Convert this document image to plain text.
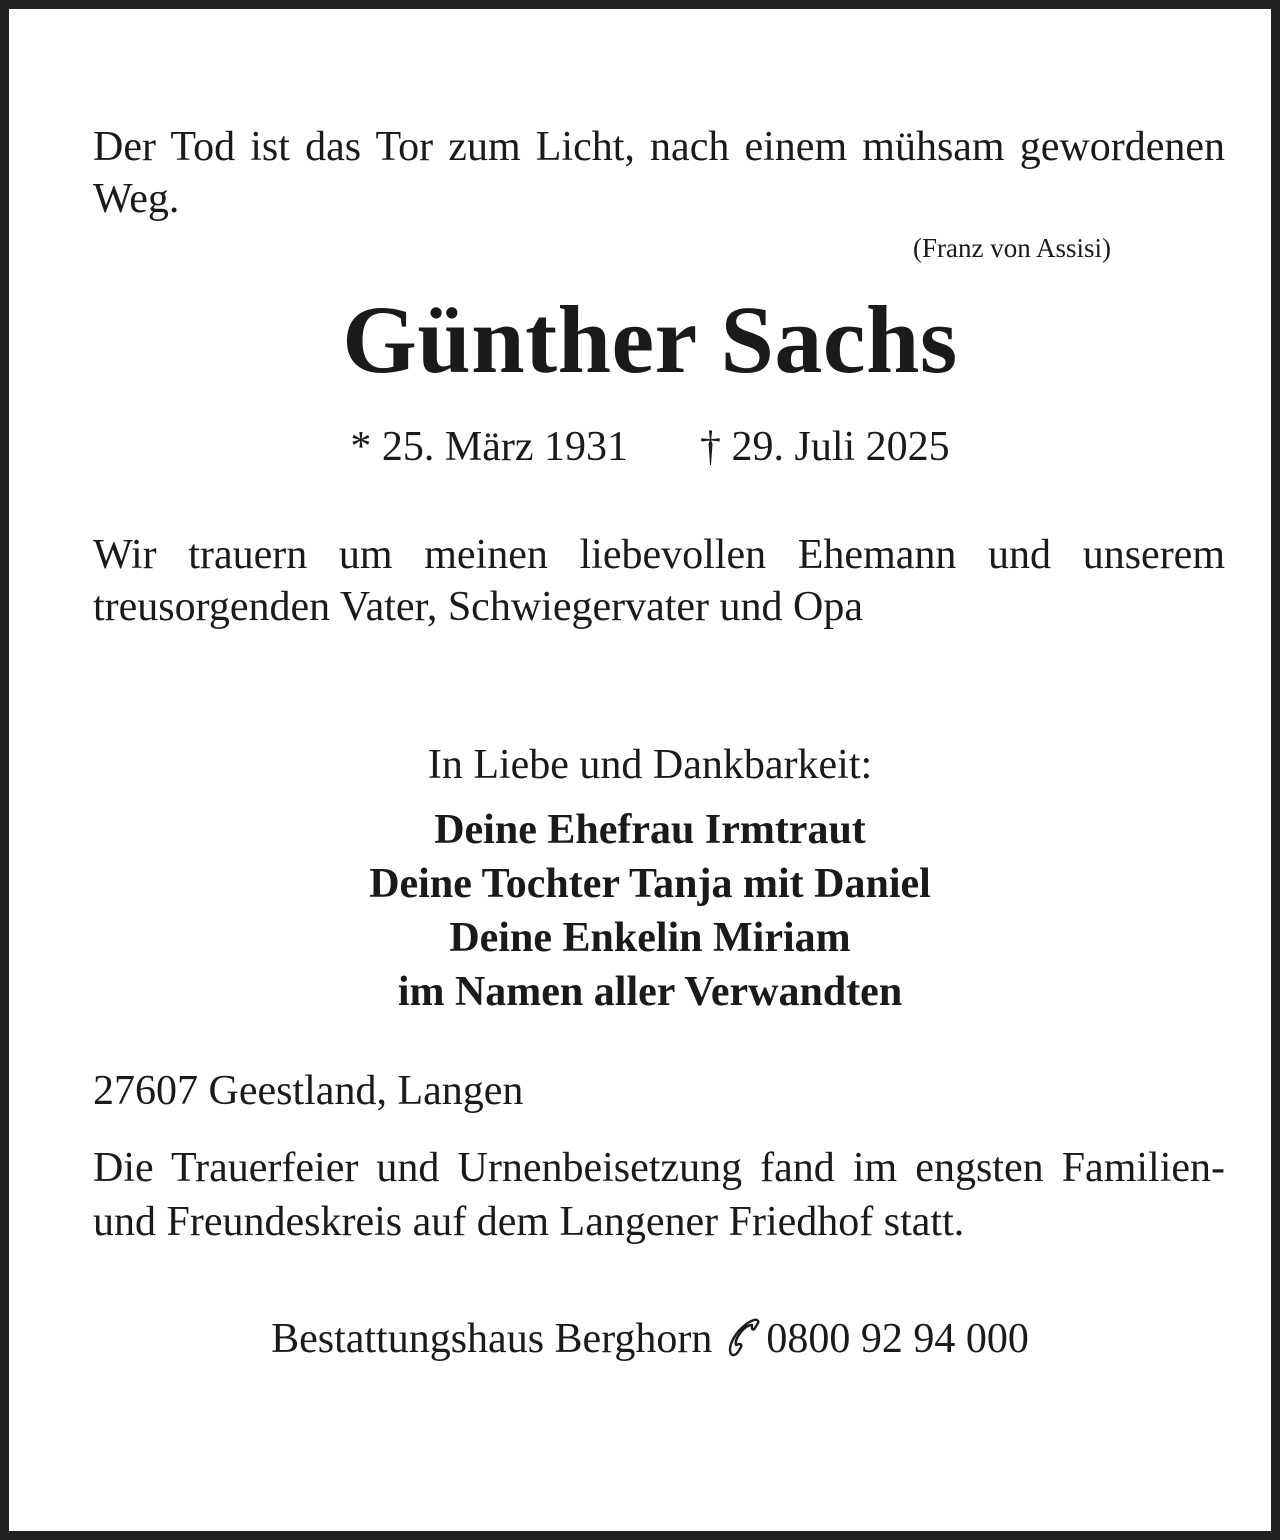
Der Tod ist das Tor zum Licht, nach einem mühsam gewordenen Weg.

(Franz von Assisi)
Günther Sachs
* 25. März 1931 † 29. Juli 2025

Wir trauern um meinen liebevollen Ehemann und unserem treusorgenden Vater, Schwiegervater und Opa

In Liebe und Dankbarkeit:
Deine Ehefrau Irmtraut
Deine Tochter Tanja mit Daniel
Deine Enkelin Miriam
im Namen aller Verwandten
27607 Geestland, Langen

Die Trauerfeier und Urnenbeisetzung fand im engsten Familien- und Freundeskreis auf dem Langener Friedhof statt.

Bestattungshaus Berghorn 0800 92 94 000
